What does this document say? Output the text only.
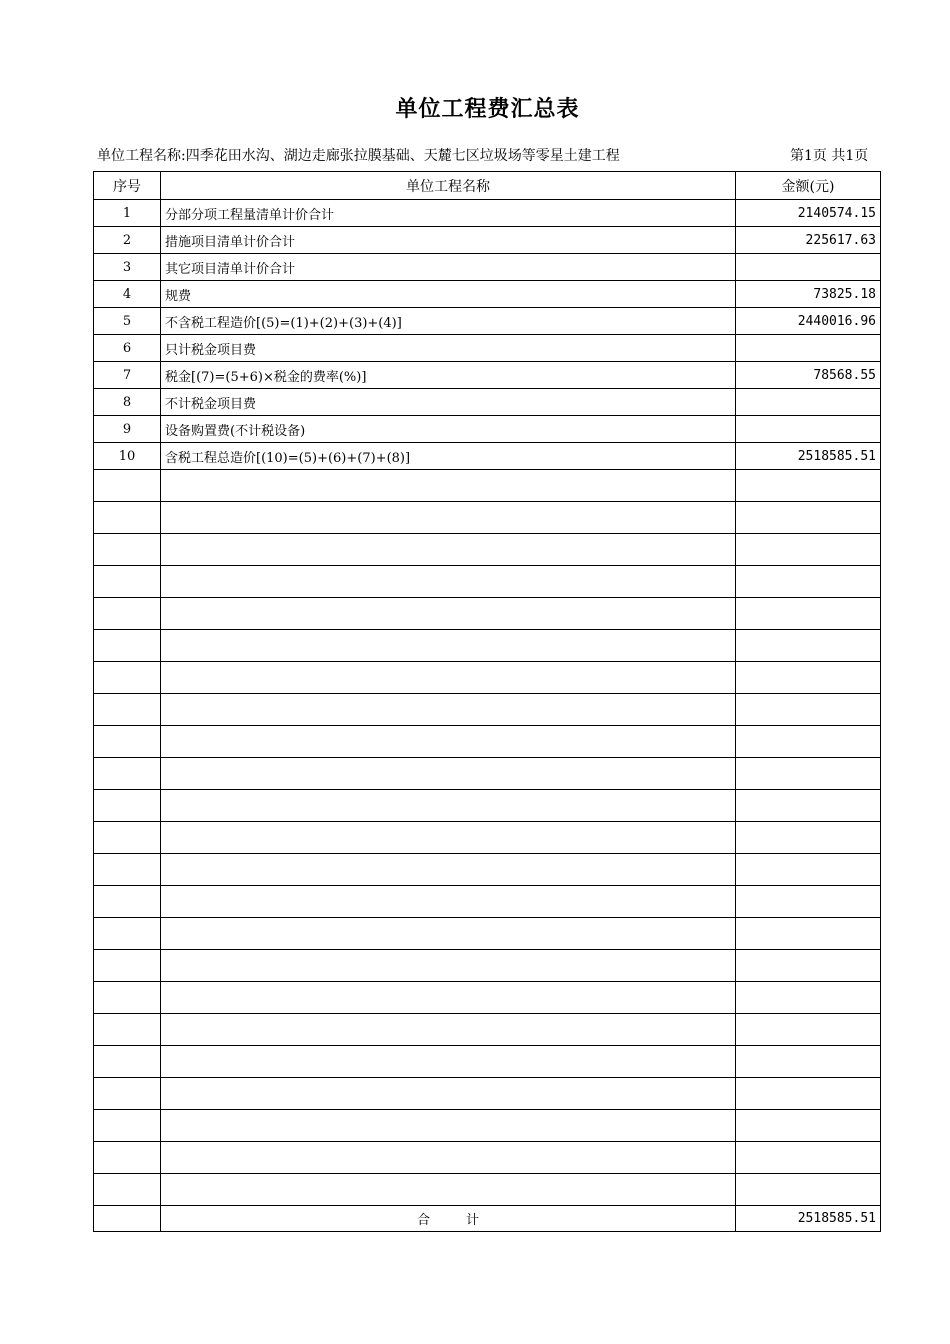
单位工程费汇总表
单位工程名称:四季花田水沟、湖边走廊张拉膜基础、天麓七区垃圾场等零星土建工程	第1页 共1页
序号	单位工程名称	金额(元)
1	分部分项工程量清单计价合计	2140574.15
2	措施项目清单计价合计	225617.63
3	其它项目清单计价合计	
4	规费	73825.18
5	不含税工程造价[(5)=(1)+(2)+(3)+(4)]	2440016.96
6	只计税金项目费	
7	税金[(7)=(5+6)×税金的费率(%)]	78568.55
8	不计税金项目费	
9	设备购置费(不计税设备)	
10	含税工程总造价[(10)=(5)+(6)+(7)+(8)]	2518585.51

	合 计	2518585.51
